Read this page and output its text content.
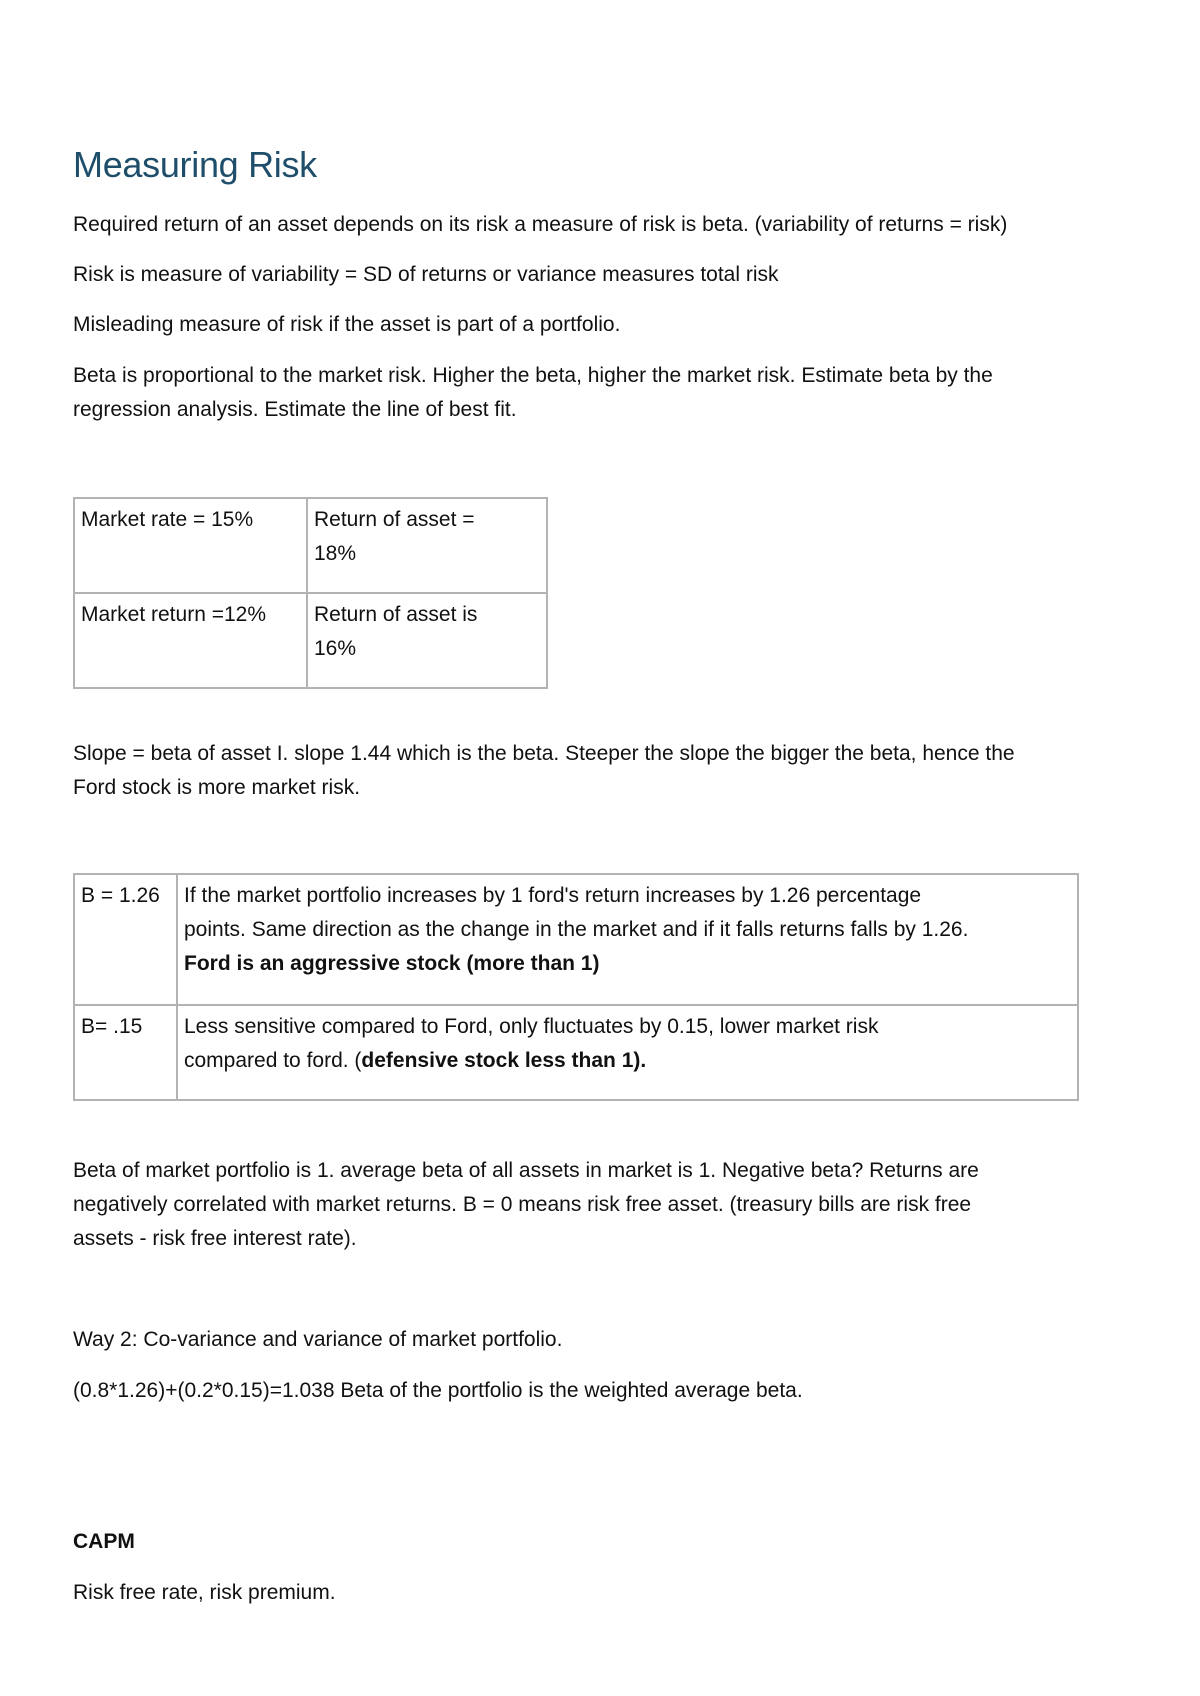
Measuring Risk

Required return of an asset depends on its risk a measure of risk is beta. (variability of returns = risk)

Risk is measure of variability = SD of returns or variance measures total risk

Misleading measure of risk if the asset is part of a portfolio.

Beta is proportional to the market risk. Higher the beta, higher the market risk. Estimate beta by the
regression analysis. Estimate the line of best fit.

Market rate = 15%	Return of asset =
18%

Market return =12%	Return of asset is
16%

Slope = beta of asset I. slope 1.44 which is the beta. Steeper the slope the bigger the beta, hence the
Ford stock is more market risk.

B = 1.26	If the market portfolio increases by 1 ford's return increases by 1.26 percentage
points. Same direction as the change in the market and if it falls returns falls by 1.26.
Ford is an aggressive stock (more than 1)

B= .15	Less sensitive compared to Ford, only fluctuates by 0.15, lower market risk
compared to ford. (defensive stock less than 1).

Beta of market portfolio is 1. average beta of all assets in market is 1. Negative beta? Returns are
negatively correlated with market returns. B = 0 means risk free asset. (treasury bills are risk free
assets - risk free interest rate).

Way 2: Co-variance and variance of market portfolio.

(0.8*1.26)+(0.2*0.15)=1.038 Beta of the portfolio is the weighted average beta.

CAPM

Risk free rate, risk premium.
